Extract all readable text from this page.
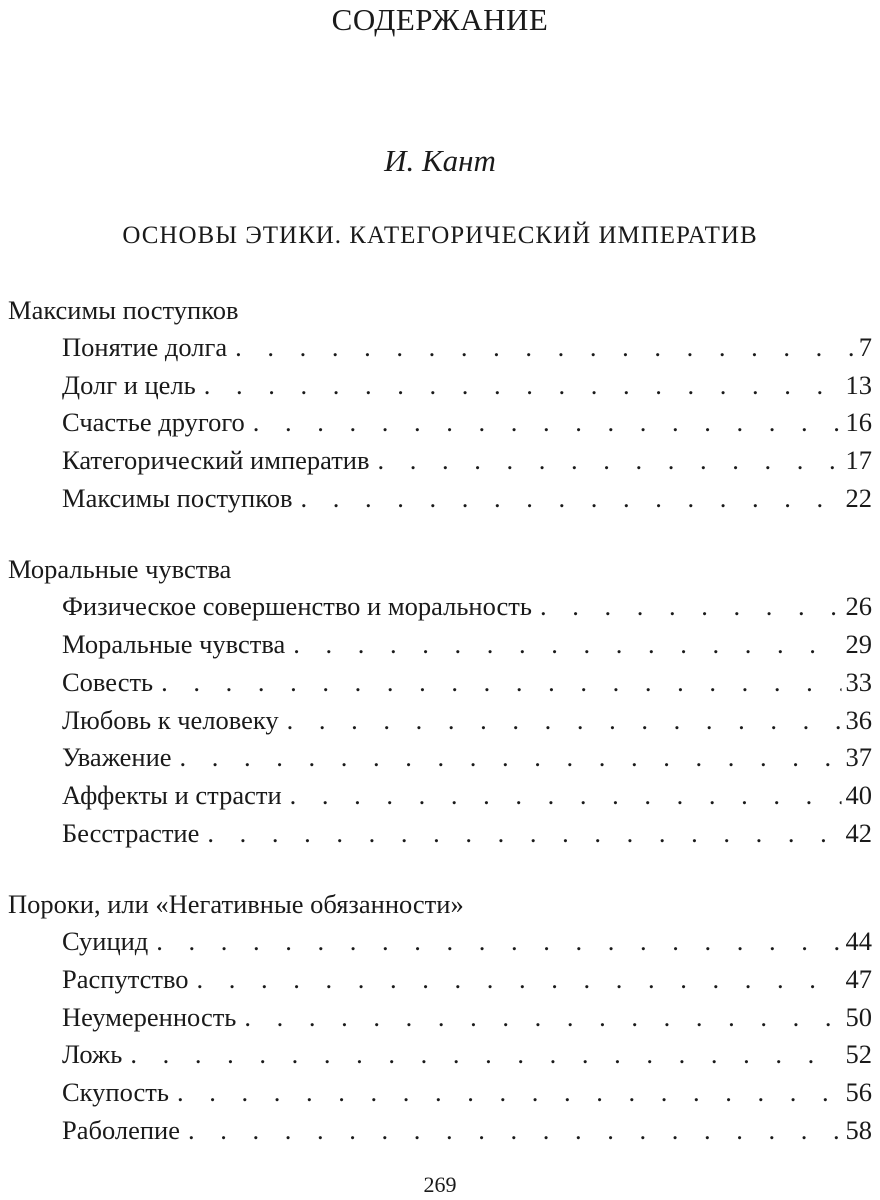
СОДЕРЖАНИЕ
И. Кант
ОСНОВЫ ЭТИКИ. КАТЕГОРИЧЕСКИЙ ИМПЕРАТИВ
Максимы поступков
Понятие долга . . .	7
Долг и цель . . .	13
Счастье другого . . .	16
Категорический императив . . .	17
Максимы поступков . . .	22
Моральные чувства
Физическое совершенство и моральность . . .	26
Моральные чувства . . .	29
Совесть . . .	33
Любовь к человеку . . .	36
Уважение . . .	37
Аффекты и страсти . . .	40
Бесстрастие . . .	42
Пороки, или «Негативные обязанности»
Суицид . . .	44
Распутство . . .	47
Неумеренность . . .	50
Ложь . . .	52
Скупость . . .	56
Раболепие . . .	58
269
